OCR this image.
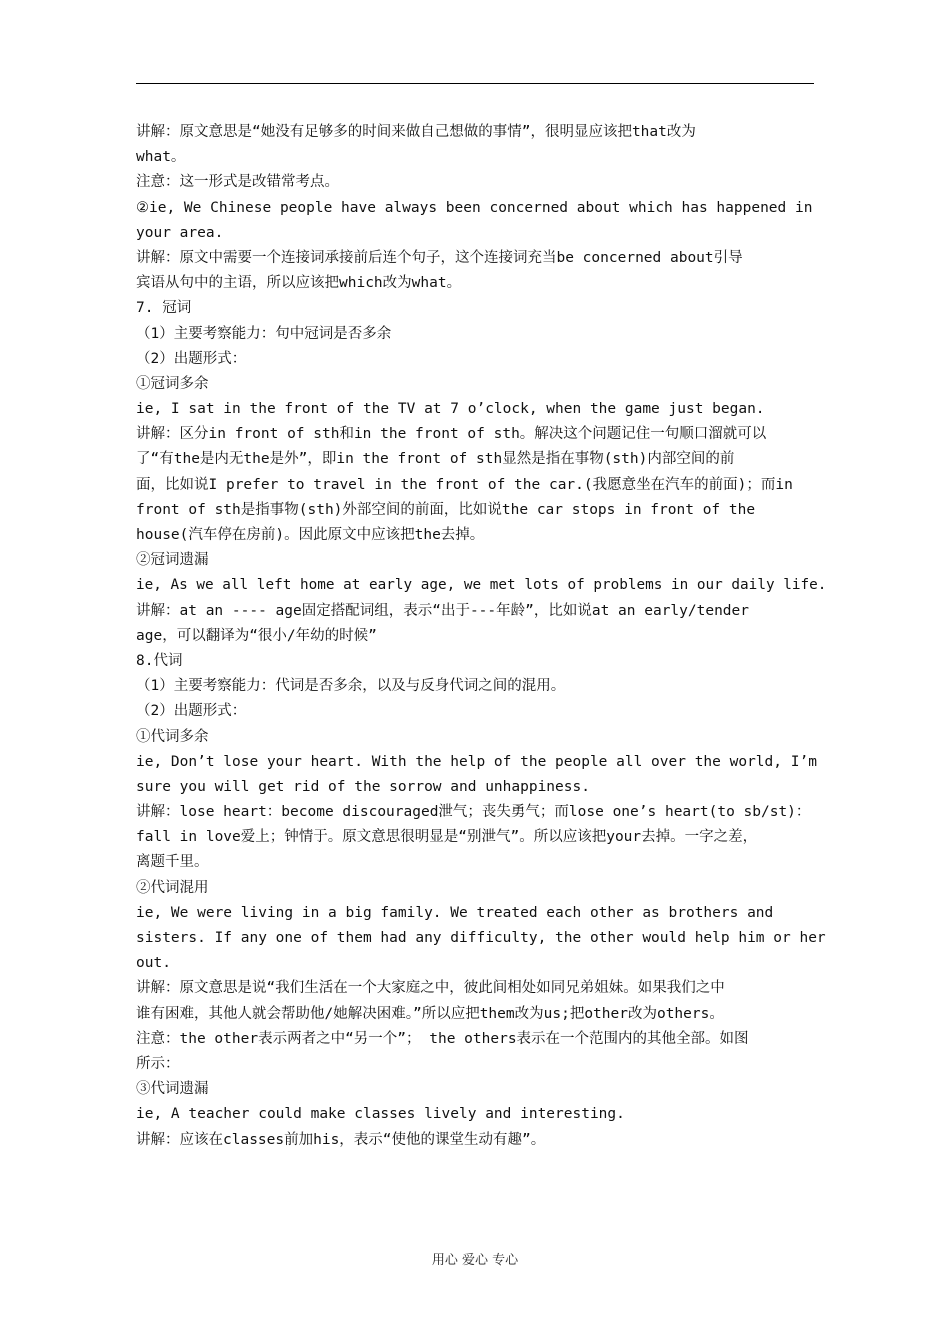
讲解：原文意思是“她没有足够多的时间来做自己想做的事情”，很明显应该把that改为
what。
注意：这一形式是改错常考点。
②ie, We Chinese people have always been concerned about which has happened in
your area.
讲解：原文中需要一个连接词承接前后连个句子，这个连接词充当be concerned about引导
宾语从句中的主语，所以应该把which改为what。
7. 冠词
（1）主要考察能力：句中冠词是否多余
（2）出题形式：
①冠词多余
ie, I sat in the front of the TV at 7 o’clock, when the game just began.
讲解：区分in front of sth和in the front of sth。解决这个问题记住一句顺口溜就可以
了“有the是内无the是外”，即in the front of sth显然是指在事物(sth)内部空间的前
面，比如说I prefer to travel in the front of the car.(我愿意坐在汽车的前面)；而in
front of sth是指事物(sth)外部空间的前面，比如说the car stops in front of the
house(汽车停在房前)。因此原文中应该把the去掉。
②冠词遗漏
ie, As we all left home at early age, we met lots of problems in our daily life.
讲解：at an ---- age固定搭配词组，表示“出于---年龄”，比如说at an early/tender
age，可以翻译为“很小/年幼的时候”
8.代词
（1）主要考察能力：代词是否多余，以及与反身代词之间的混用。
（2）出题形式：
①代词多余
ie, Don’t lose your heart. With the help of the people all over the world, I’m
sure you will get rid of the sorrow and unhappiness.
讲解：lose heart：become discouraged泄气；丧失勇气；而lose one’s heart(to sb/st)：
fall in love爱上；钟情于。原文意思很明显是“别泄气”。所以应该把your去掉。一字之差，
离题千里。
②代词混用
ie, We were living in a big family. We treated each other as brothers and
sisters. If any one of them had any difficulty, the other would help him or her
out.
讲解：原文意思是说“我们生活在一个大家庭之中，彼此间相处如同兄弟姐妹。如果我们之中
谁有困难，其他人就会帮助他/她解决困难。”所以应把them改为us;把other改为others。
注意：the other表示两者之中“另一个”； the others表示在一个范围内的其他全部。如图
所示：
③代词遗漏
ie, A teacher could make classes lively and interesting.
讲解：应该在classes前加his，表示“使他的课堂生动有趣”。
用心 爱心 专心
